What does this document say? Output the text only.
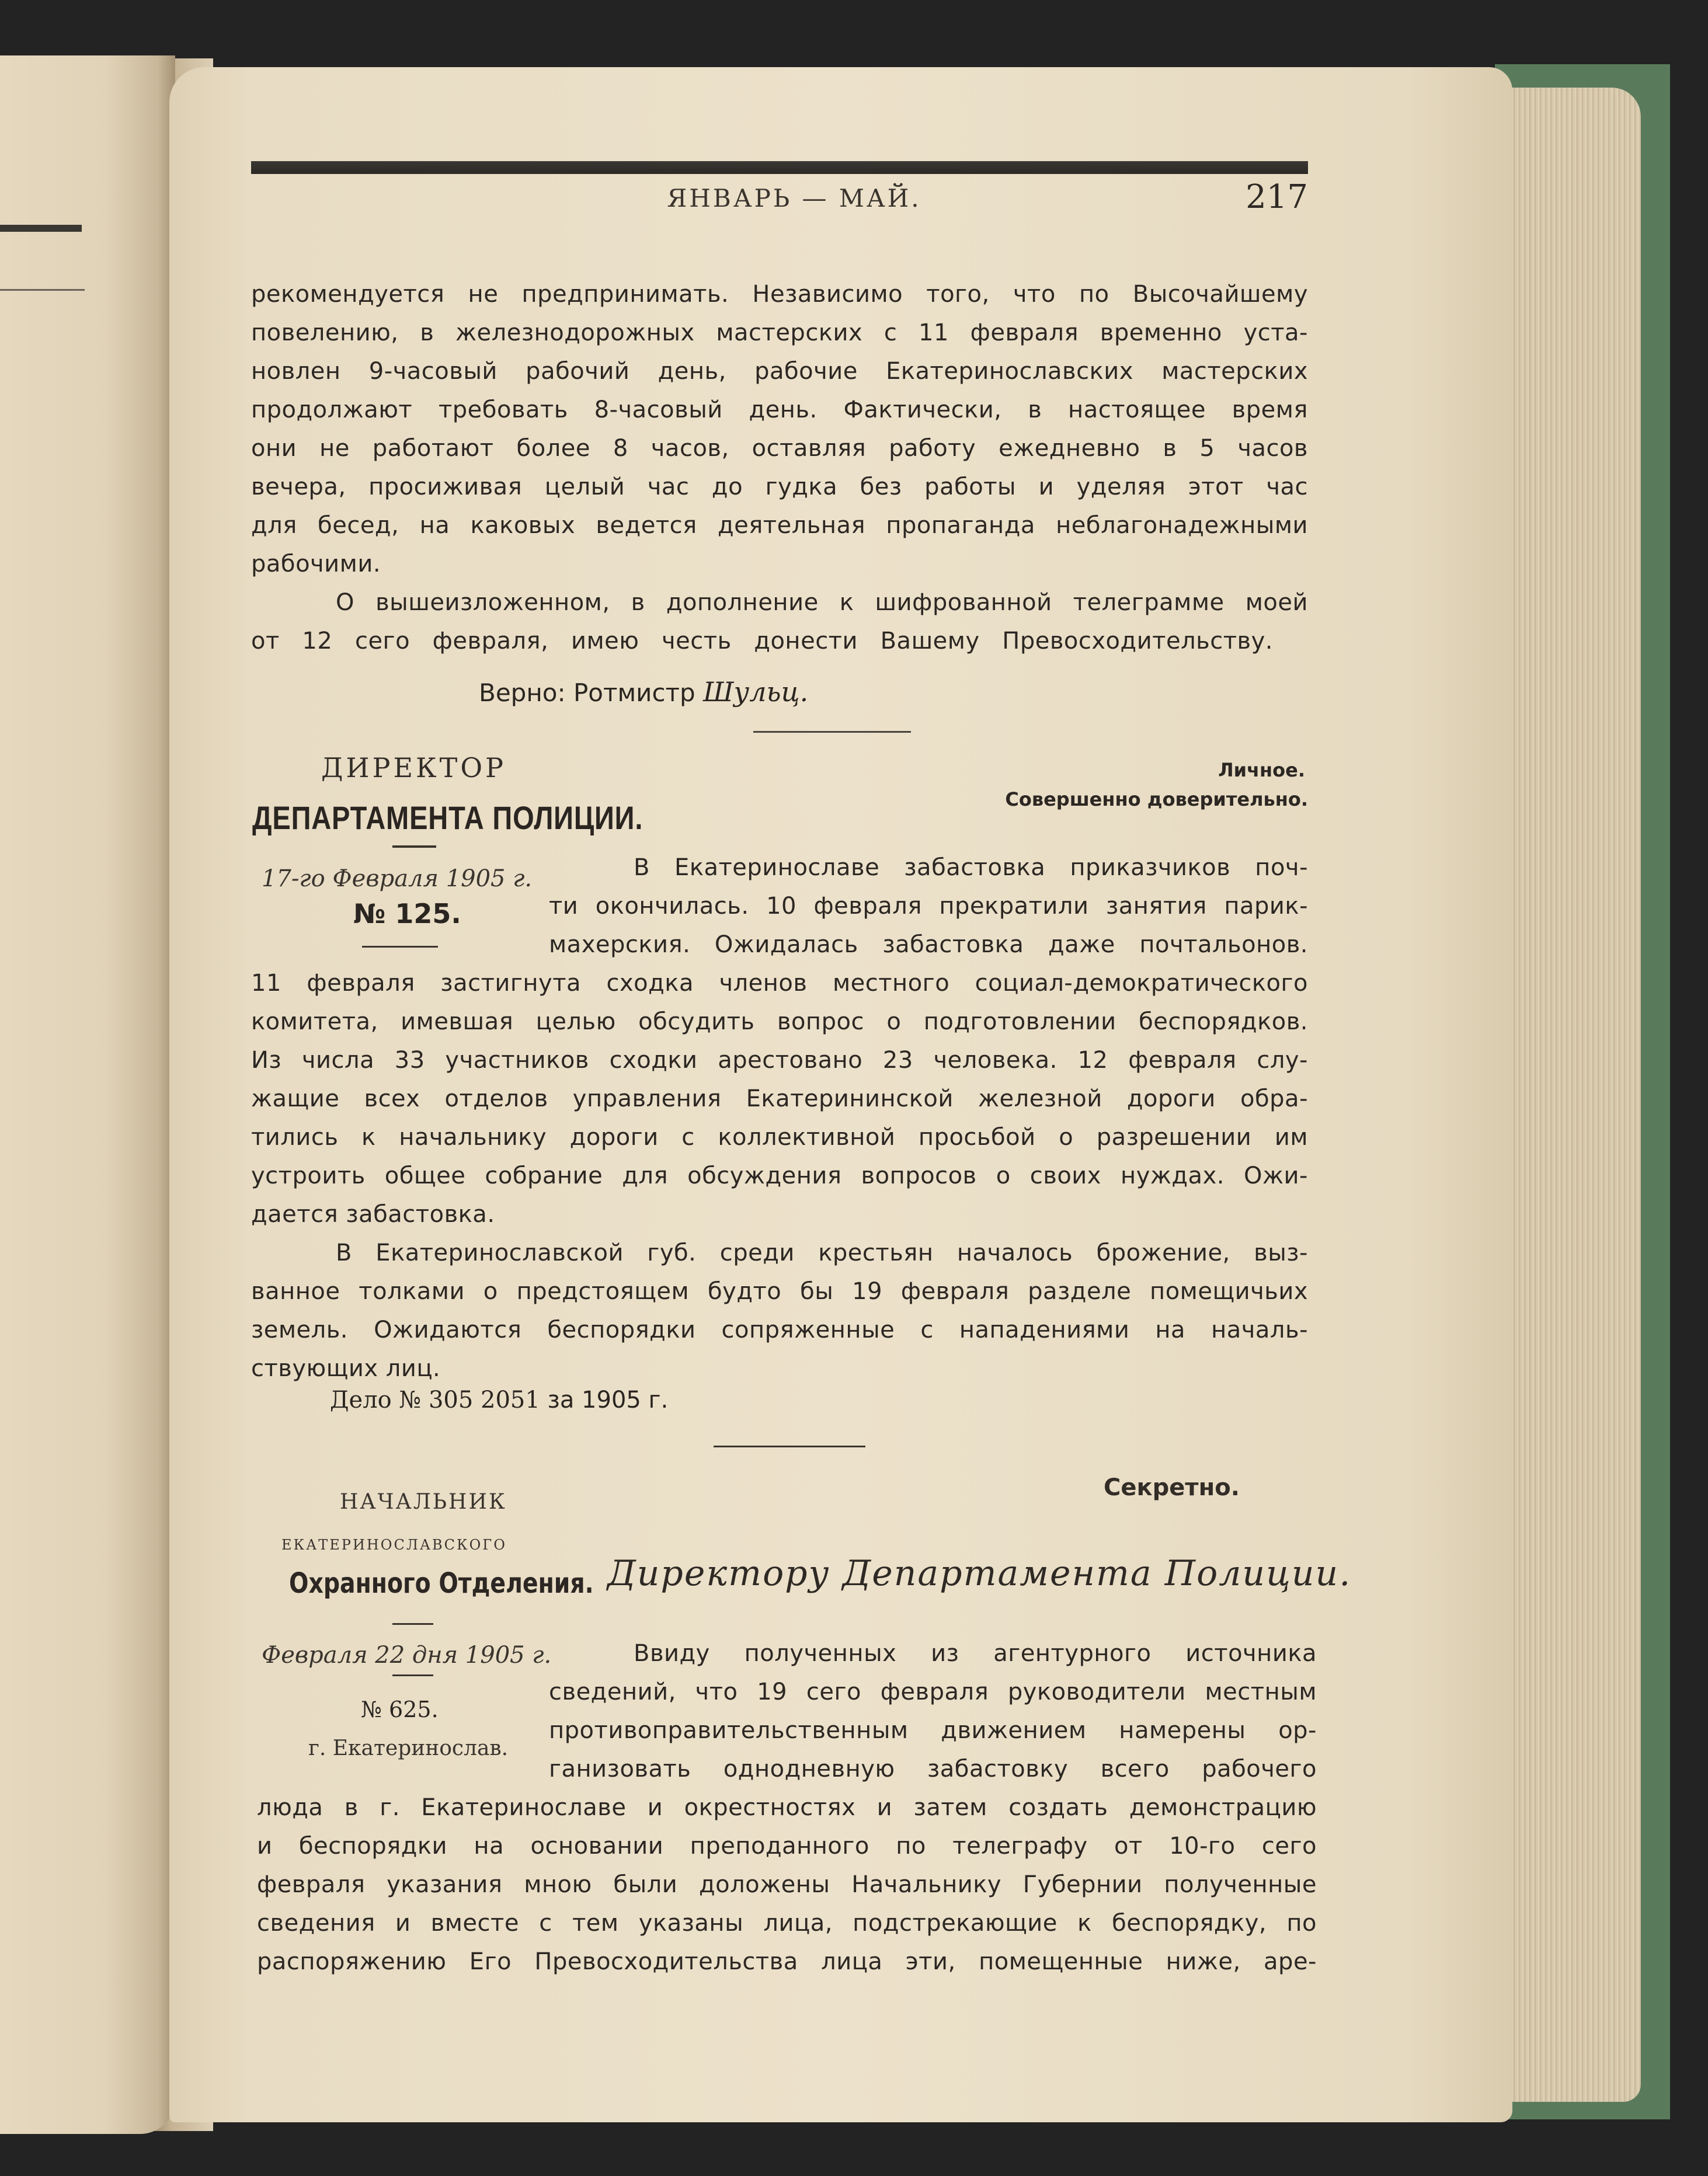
ЯНВАРЬ — МАЙ.	217
рекомендуется не предпринимать. Независимо того, что по Высочайшему
повелению, в железнодорожных мастерских с 11 февраля временно уста-
новлен 9-часовый рабочий день, рабочие Екатеринославских мастерских
продолжают требовать 8-часовый день. Фактически, в настоящее время
они не работают более 8 часов, оставляя работу ежедневно в 5 часов
вечера, просиживая целый час до гудка без работы и уделяя этот час
для бесед, на каковых ведется деятельная пропаганда неблагонадежными
рабочими.
О вышеизложенном, в дополнение к шифрованной телеграмме моей
от 12 сего февраля, имею честь донести Вашему Превосходительству.
Верно: Ротмистр Шульц.
ДИРЕКТОР
ДЕПАРТАМЕНТА ПОЛИЦИИ.
Личное.
Совершенно доверительно.
17-го Февраля 1905 г.
№ 125.
В Екатеринославе забастовка приказчиков поч-
ти окончилась. 10 февраля прекратили занятия парик-
махерския. Ожидалась забастовка даже почтальонов.
11 февраля застигнута сходка членов местного социал-демократического
комитета, имевшая целью обсудить вопрос о подготовлении беспорядков.
Из числа 33 участников сходки арестовано 23 человека. 12 февраля слу-
жащие всех отделов управления Екатерининской железной дороги обра-
тились к начальнику дороги с коллективной просьбой о разрешении им
устроить общее собрание для обсуждения вопросов о своих нуждах. Ожи-
дается забастовка.
В Екатеринославской губ. среди крестьян началось брожение, выз-
ванное толками о предстоящем будто бы 19 февраля разделе помещичьих
земель. Ожидаются беспорядки сопряженные с нападениями на началь-
ствующих лиц.
Дело № 305 2051 за 1905 г.
Секретно.
НАЧАЛЬНИК
ЕКАТЕРИНОСЛАВСКОГО
Охранного Отделения. Директору Департамента Полиции.
Февраля 22 дня 1905 г.
№ 625.
г. Екатеринослав.
Ввиду полученных из агентурного источника
сведений, что 19 сего февраля руководители местным
противоправительственным движением намерены ор-
ганизовать однодневную забастовку всего рабочего
люда в г. Екатеринославе и окрестностях и затем создать демонстрацию
и беспорядки на основании преподанного по телеграфу от 10-го сего
февраля указания мною были доложены Начальнику Губернии полученные
сведения и вместе с тем указаны лица, подстрекающие к беспорядку, по
распоряжению Его Превосходительства лица эти, помещенные ниже, аре-
